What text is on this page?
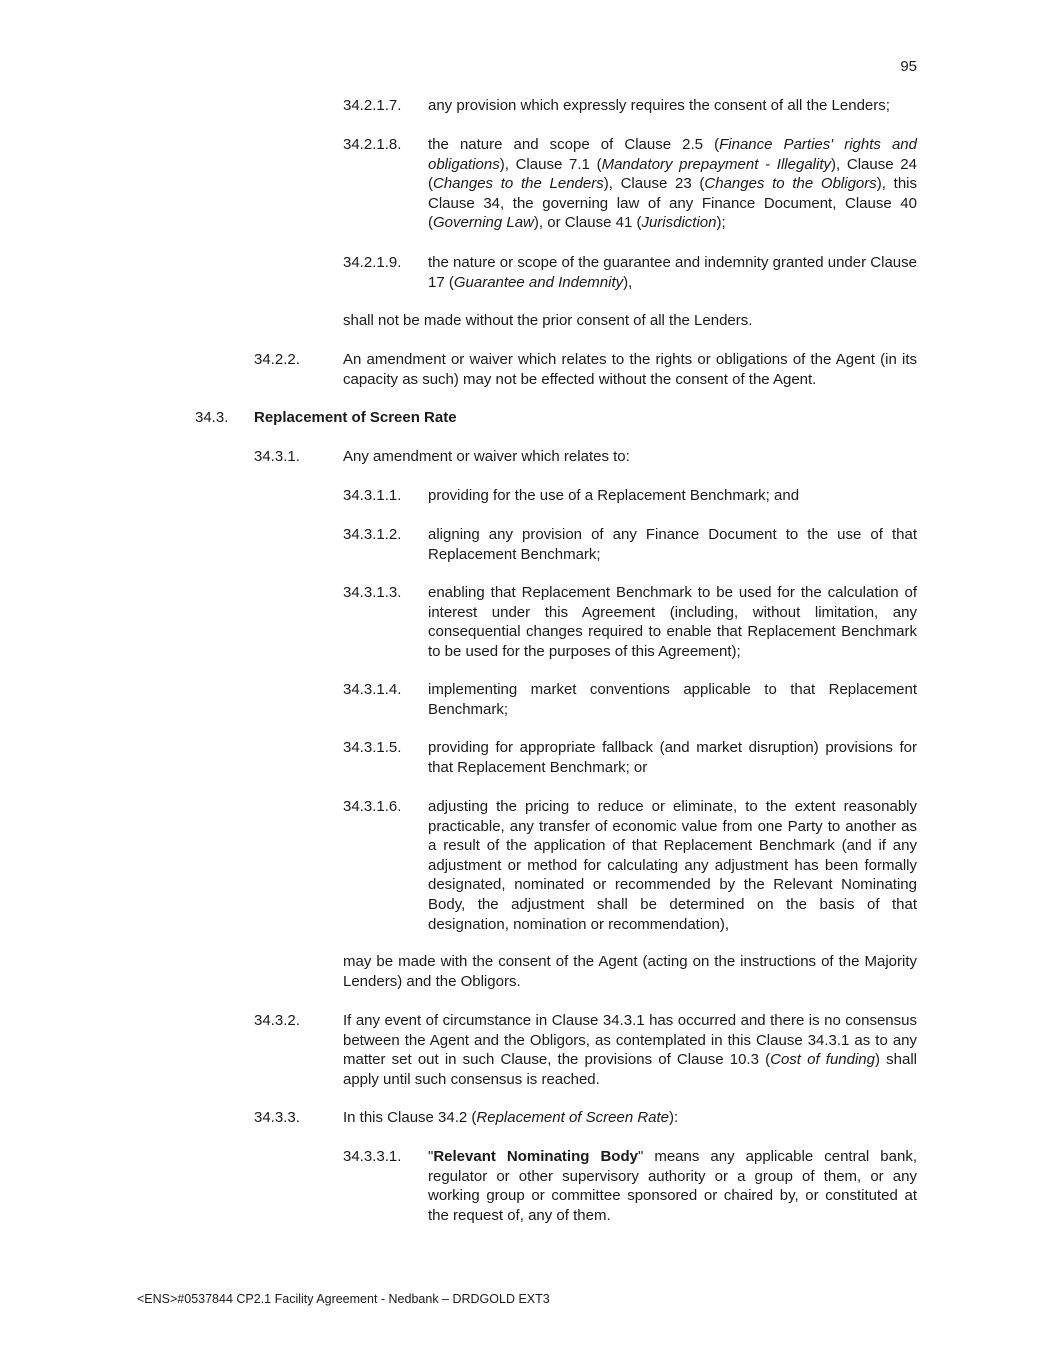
95
34.2.1.7. any provision which expressly requires the consent of all the Lenders;
34.2.1.8. the nature and scope of Clause 2.5 (Finance Parties' rights and obligations), Clause 7.1 (Mandatory prepayment - Illegality), Clause 24 (Changes to the Lenders), Clause 23 (Changes to the Obligors), this Clause 34, the governing law of any Finance Document, Clause 40 (Governing Law), or Clause 41 (Jurisdiction);
34.2.1.9. the nature or scope of the guarantee and indemnity granted under Clause 17 (Guarantee and Indemnity),
shall not be made without the prior consent of all the Lenders.
34.2.2.	An amendment or waiver which relates to the rights or obligations of the Agent (in its capacity as such) may not be effected without the consent of the Agent.
34.3. Replacement of Screen Rate
34.3.1.	Any amendment or waiver which relates to:
34.3.1.1. providing for the use of a Replacement Benchmark; and
34.3.1.2. aligning any provision of any Finance Document to the use of that Replacement Benchmark;
34.3.1.3. enabling that Replacement Benchmark to be used for the calculation of interest under this Agreement (including, without limitation, any consequential changes required to enable that Replacement Benchmark to be used for the purposes of this Agreement);
34.3.1.4. implementing market conventions applicable to that Replacement Benchmark;
34.3.1.5. providing for appropriate fallback (and market disruption) provisions for that Replacement Benchmark; or
34.3.1.6. adjusting the pricing to reduce or eliminate, to the extent reasonably practicable, any transfer of economic value from one Party to another as a result of the application of that Replacement Benchmark (and if any adjustment or method for calculating any adjustment has been formally designated, nominated or recommended by the Relevant Nominating Body, the adjustment shall be determined on the basis of that designation, nomination or recommendation),
may be made with the consent of the Agent (acting on the instructions of the Majority Lenders) and the Obligors.
34.3.2.	If any event of circumstance in Clause 34.3.1 has occurred and there is no consensus between the Agent and the Obligors, as contemplated in this Clause 34.3.1 as to any matter set out in such Clause, the provisions of Clause 10.3 (Cost of funding) shall apply until such consensus is reached.
34.3.3.	In this Clause 34.2 (Replacement of Screen Rate):
34.3.3.1. "Relevant Nominating Body" means any applicable central bank, regulator or other supervisory authority or a group of them, or any working group or committee sponsored or chaired by, or constituted at the request of, any of them.
<ENS>#0537844 CP2.1 Facility Agreement - Nedbank – DRDGOLD EXT3
